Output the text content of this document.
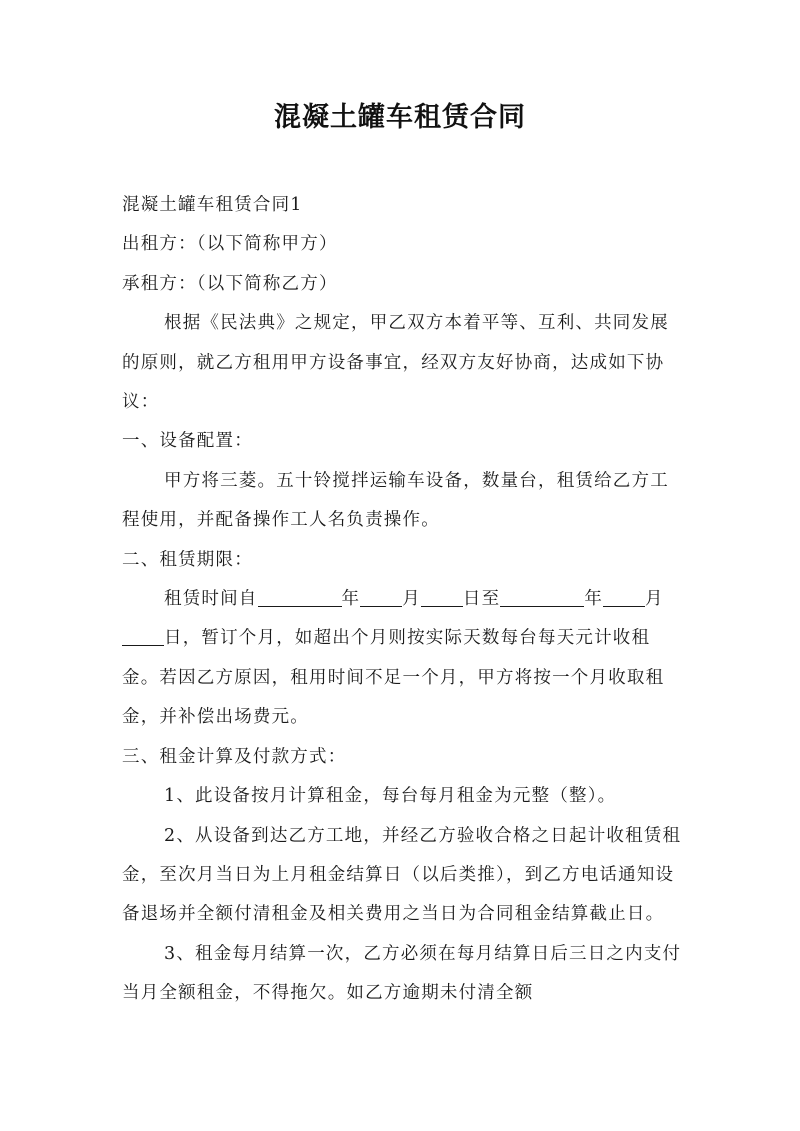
混凝土罐车租赁合同

混凝土罐车租赁合同1

出租方：（以下简称甲方）

承租方：（以下简称乙方）

根据《民法典》之规定，甲乙双方本着平等、互利、共同发展的原则，就乙方租用甲方设备事宜，经双方友好协商，达成如下协议：

一、设备配置：

甲方将三菱。五十铃搅拌运输车设备，数量台，租赁给乙方工程使用，并配备操作工人名负责操作。

二、租赁期限：

租赁时间自	年 月 日至	年 月日，暂订个月，如超出个月则按实际天数每台每天元计收租金。若因乙方原因，租用时间不足一个月，甲方将按一个月收取租金，并补偿出场费元。

三、租金计算及付款方式：

1、此设备按月计算租金，每台每月租金为元整（整）。

2、从设备到达乙方工地，并经乙方验收合格之日起计收租赁租金，至次月当日为上月租金结算日（以后类推），到乙方电话通知设备退场并全额付清租金及相关费用之当日为合同租金结算截止日。

3、租金每月结算一次，乙方必须在每月结算日后三日之内支付当月全额租金，不得拖欠。如乙方逾期未付清全额
